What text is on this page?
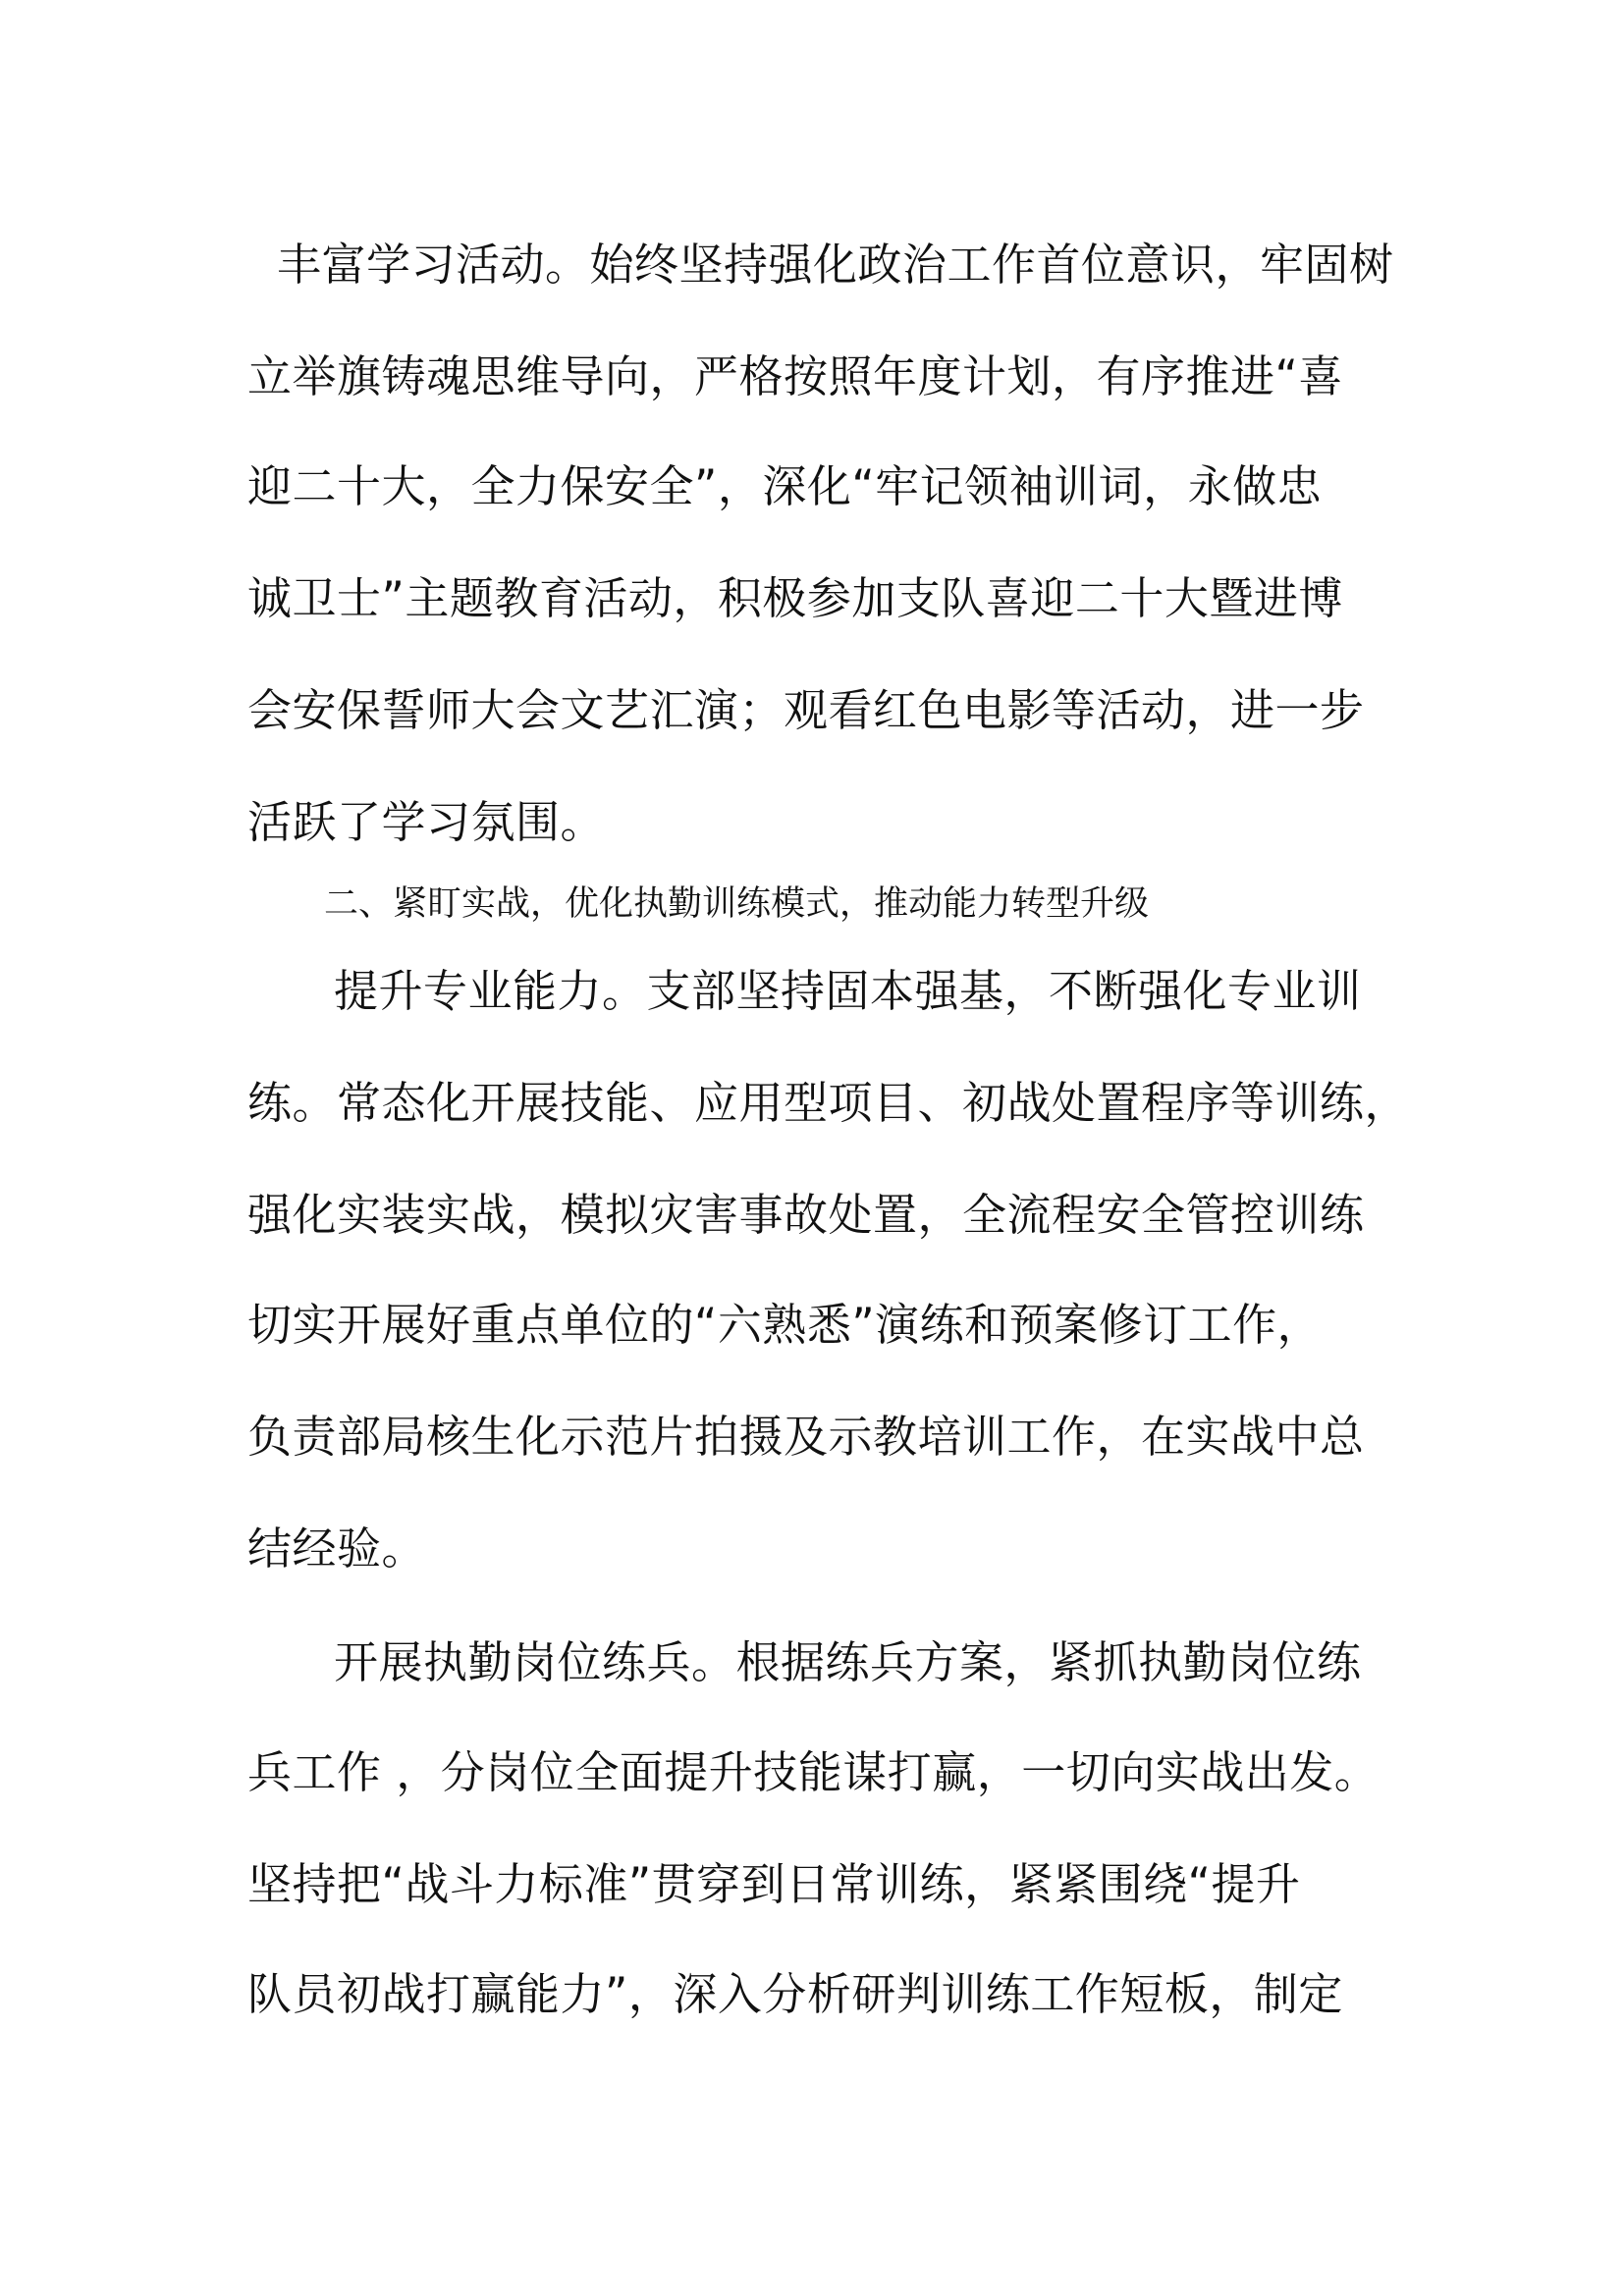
丰富学习活动。始终坚持强化政治工作首位意识，牢固树
立举旗铸魂思维导向，严格按照年度计划，有序推进“喜
迎二十大，全力保安全”，深化“牢记领袖训词，永做忠
诚卫士”主题教育活动，积极参加支队喜迎二十大暨进博
会安保誓师大会文艺汇演；观看红色电影等活动，进一步
活跃了学习氛围。
二、紧盯实战，优化执勤训练模式，推动能力转型升级
提升专业能力。支部坚持固本强基，不断强化专业训
练。常态化开展技能、应用型项目、初战处置程序等训练，
强化实装实战，模拟灾害事故处置，全流程安全管控训练
切实开展好重点单位的“六熟悉”演练和预案修订工作，
负责部局核生化示范片拍摄及示教培训工作，在实战中总
结经验。
开展执勤岗位练兵。根据练兵方案，紧抓执勤岗位练
兵工作 ，分岗位全面提升技能谋打赢，一切向实战出发。
坚持把“战斗力标准”贯穿到日常训练，紧紧围绕“提升
队员初战打赢能力”，深入分析研判训练工作短板，制定
